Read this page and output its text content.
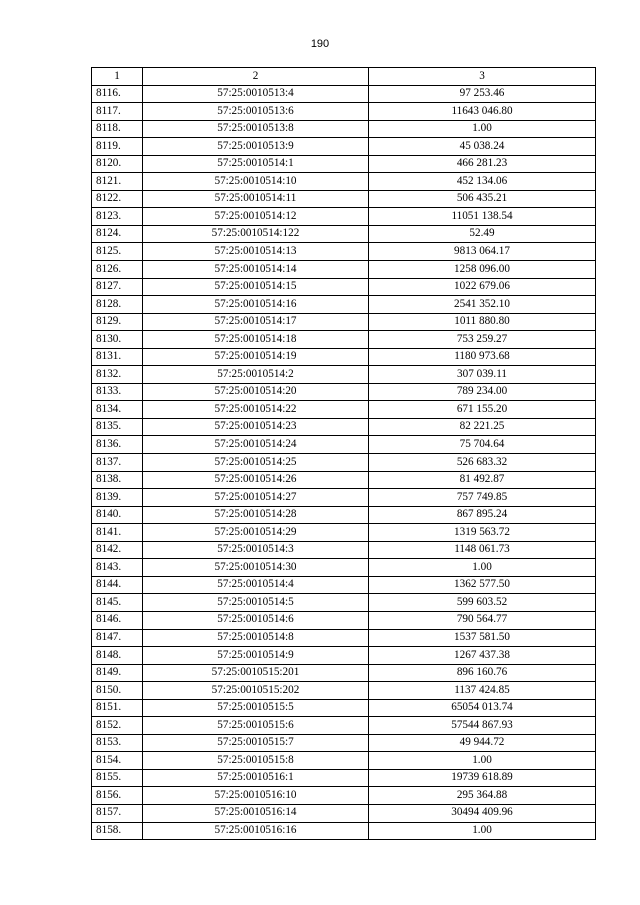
190
1	2	3
8116.	57:25:0010513:4	97 253.46
8117.	57:25:0010513:6	11643 046.80
8118.	57:25:0010513:8	1.00
8119.	57:25:0010513:9	45 038.24
8120.	57:25:0010514:1	466 281.23
8121.	57:25:0010514:10	452 134.06
8122.	57:25:0010514:11	506 435.21
8123.	57:25:0010514:12	11051 138.54
8124.	57:25:0010514:122	52.49
8125.	57:25:0010514:13	9813 064.17
8126.	57:25:0010514:14	1258 096.00
8127.	57:25:0010514:15	1022 679.06
8128.	57:25:0010514:16	2541 352.10
8129.	57:25:0010514:17	1011 880.80
8130.	57:25:0010514:18	753 259.27
8131.	57:25:0010514:19	1180 973.68
8132.	57:25:0010514:2	307 039.11
8133.	57:25:0010514:20	789 234.00
8134.	57:25:0010514:22	671 155.20
8135.	57:25:0010514:23	82 221.25
8136.	57:25:0010514:24	75 704.64
8137.	57:25:0010514:25	526 683.32
8138.	57:25:0010514:26	81 492.87
8139.	57:25:0010514:27	757 749.85
8140.	57:25:0010514:28	867 895.24
8141.	57:25:0010514:29	1319 563.72
8142.	57:25:0010514:3	1148 061.73
8143.	57:25:0010514:30	1.00
8144.	57:25:0010514:4	1362 577.50
8145.	57:25:0010514:5	599 603.52
8146.	57:25:0010514:6	790 564.77
8147.	57:25:0010514:8	1537 581.50
8148.	57:25:0010514:9	1267 437.38
8149.	57:25:0010515:201	896 160.76
8150.	57:25:0010515:202	1137 424.85
8151.	57:25:0010515:5	65054 013.74
8152.	57:25:0010515:6	57544 867.93
8153.	57:25:0010515:7	49 944.72
8154.	57:25:0010515:8	1.00
8155.	57:25:0010516:1	19739 618.89
8156.	57:25:0010516:10	295 364.88
8157.	57:25:0010516:14	30494 409.96
8158.	57:25:0010516:16	1.00
